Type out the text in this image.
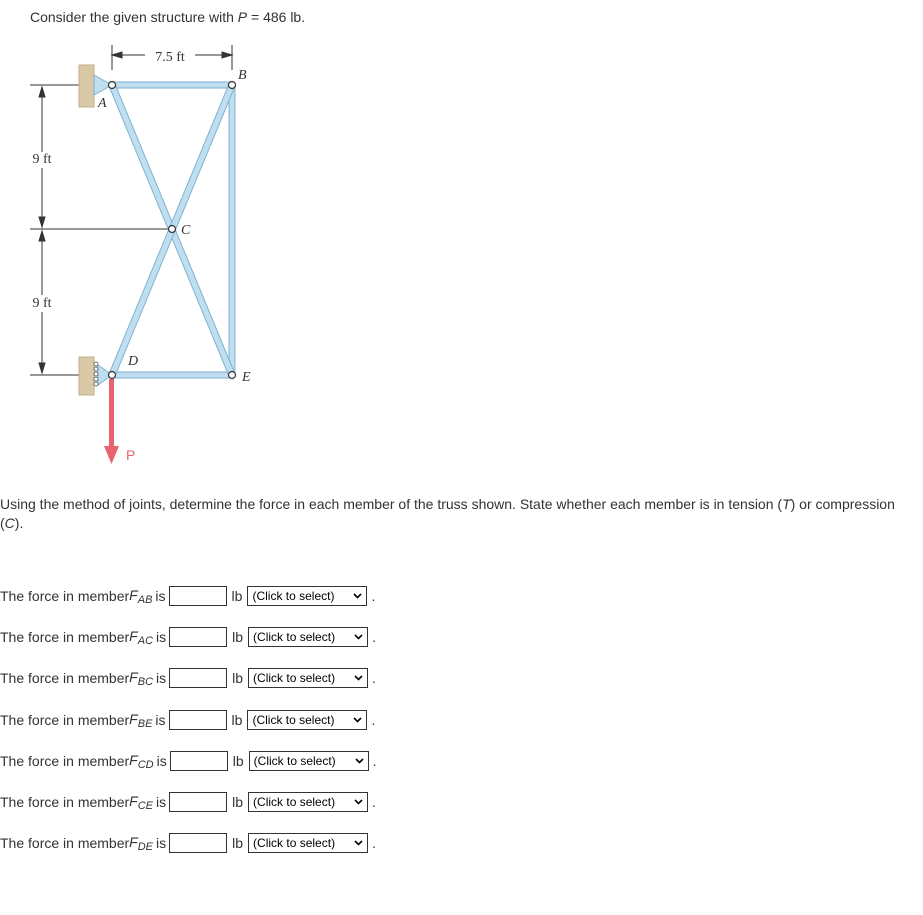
Consider the given structure with P = 486 lb.
7.5 ft
9 ft
9 ft
A
B
C
D
E
P
Using the method of joints, determine the force in each member of the truss shown. State whether each member is in tension (T) or compression (C).
The force in member $F_{AB}$ is	lb (Click to select)	.
The force in member $F_{AC}$ is	lb (Click to select)	.
The force in member $F_{BC}$ is	lb (Click to select)	.
The force in member $F_{BE}$ is	lb (Click to select)	.
The force in member $F_{CD}$ is	lb (Click to select)	.
The force in member $F_{CE}$ is	lb (Click to select)	.
The force in member $F_{DE}$ is	lb (Click to select)	.
